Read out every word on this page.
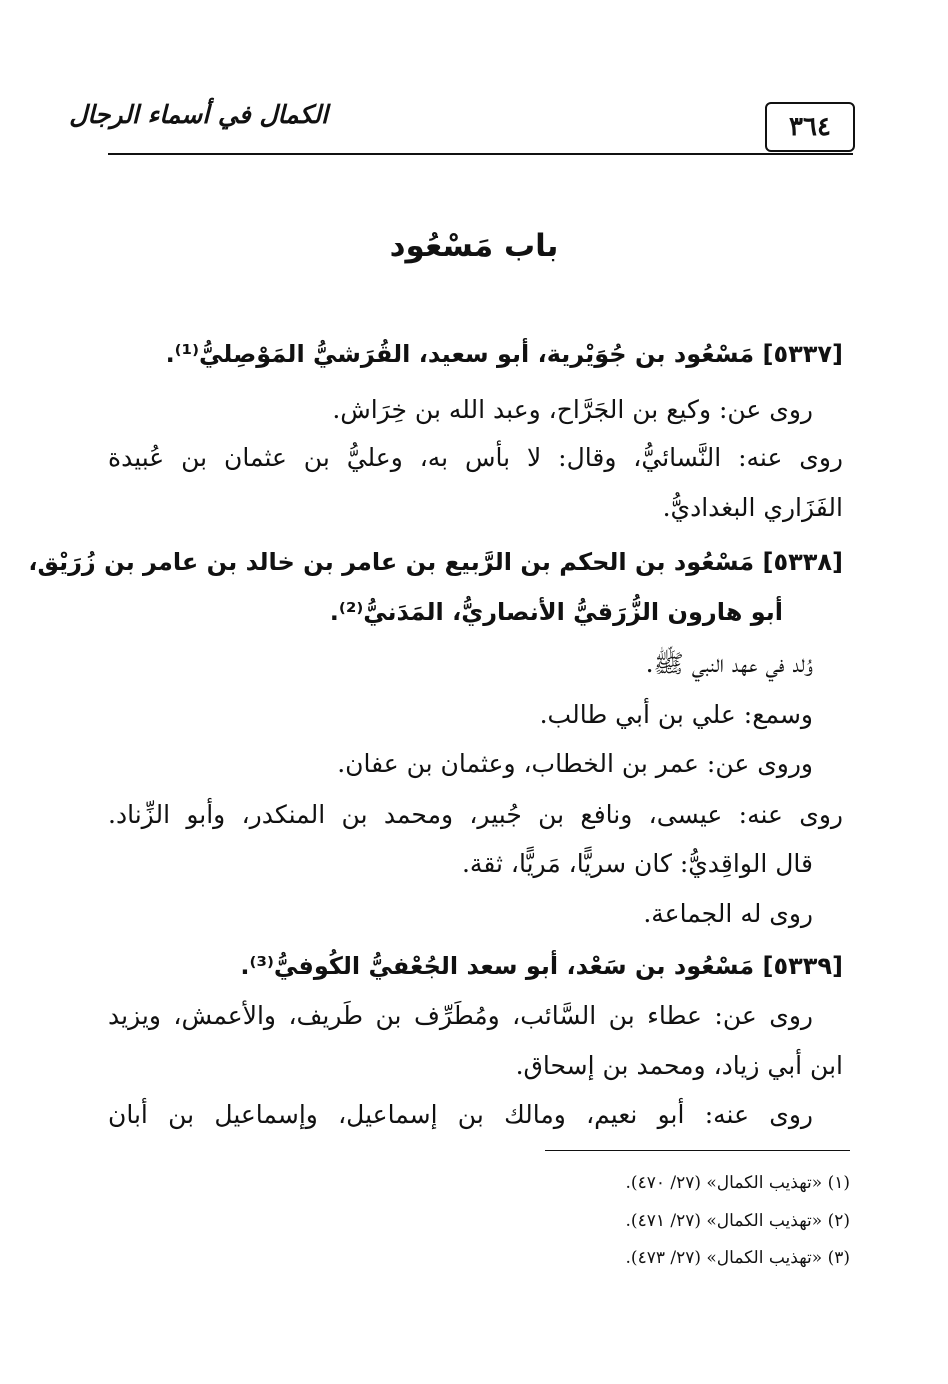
٣٦٤
الكمال في أسماء الرجال
باب مَسْعُود
[٥٣٣٧] مَسْعُود بن جُوَيْرية، أبو سعيد، القُرَشيُّ المَوْصِليُّ⁽¹⁾.
روى عن: وكيع بن الجَرَّاح، وعبد الله بن خِرَاش.
روى عنه: النَّسائيُّ، وقال: لا بأس به، وعليُّ بن عثمان بن عُبيدة
الفَزَاري البغداديُّ.
[٥٣٣٨] مَسْعُود بن الحكم بن الرَّبيع بن عامر بن خالد بن عامر بن زُرَيْق،
أبو هارون الزُّرَقيُّ الأنصاريُّ، المَدَنيُّ⁽²⁾.
وُلد في عهد النبي ﷺ.
وسمع: علي بن أبي طالب.
وروى عن: عمر بن الخطاب، وعثمان بن عفان.
روى عنه: عيسى، ونافع بن جُبير، ومحمد بن المنكدر، وأبو الزِّناد.
قال الواقِديُّ: كان سريًّا، مَريًّا، ثقة.
روى له الجماعة.
[٥٣٣٩] مَسْعُود بن سَعْد، أبو سعد الجُعْفيُّ الكُوفيُّ⁽³⁾.
روى عن: عطاء بن السَّائب، ومُطَرِّف بن طَريف، والأعمش، ويزيد
ابن أبي زياد، ومحمد بن إسحاق.
روى عنه: أبو نعيم، ومالك بن إسماعيل، وإسماعيل بن أبان
(١) «تهذيب الكمال» (٢٧/ ٤٧٠).
(٢) «تهذيب الكمال» (٢٧/ ٤٧١).
(٣) «تهذيب الكمال» (٢٧/ ٤٧٣).
